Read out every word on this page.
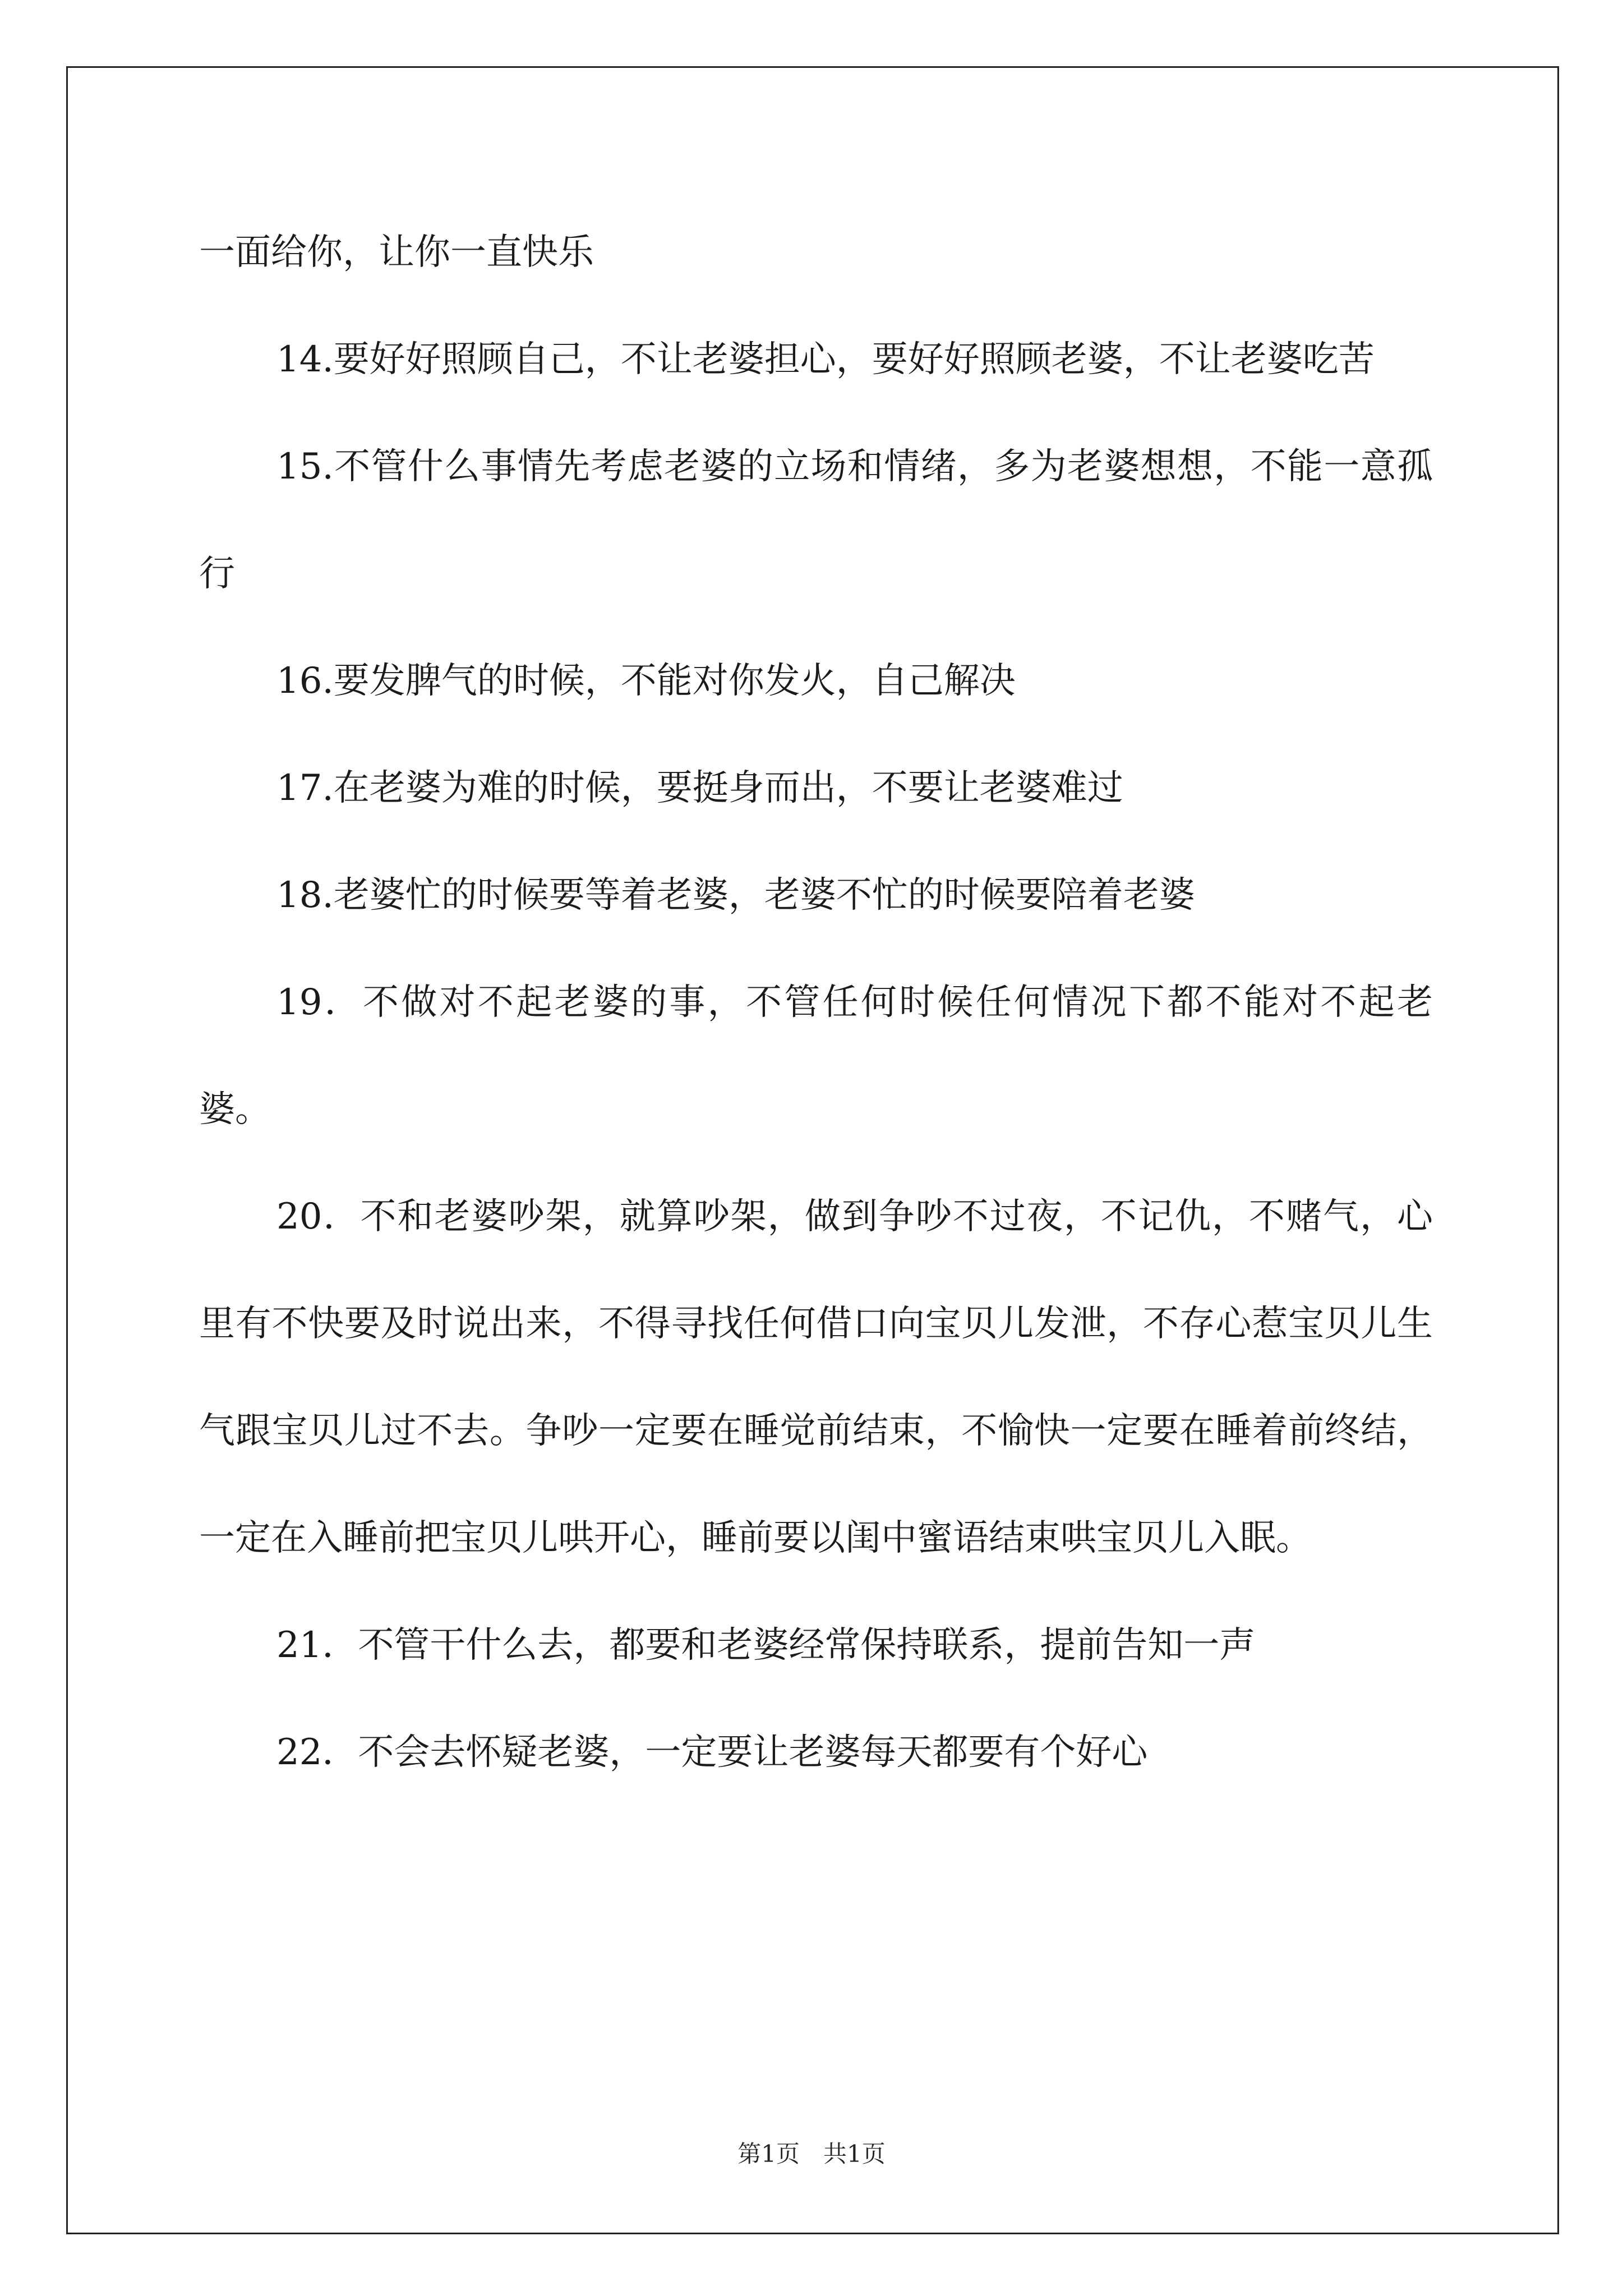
一面给你，让你一直快乐

14.要好好照顾自己，不让老婆担心，要好好照顾老婆，不让老婆吃苦

15.不管什么事情先考虑老婆的立场和情绪，多为老婆想想，不能一意孤行

16.要发脾气的时候，不能对你发火，自己解决

17.在老婆为难的时候，要挺身而出，不要让老婆难过

18.老婆忙的时候要等着老婆，老婆不忙的时候要陪着老婆

19．不做对不起老婆的事，不管任何时候任何情况下都不能对不起老婆。

20．不和老婆吵架，就算吵架，做到争吵不过夜，不记仇，不赌气，心里有不快要及时说出来，不得寻找任何借口向宝贝儿发泄，不存心惹宝贝儿生气跟宝贝儿过不去。争吵一定要在睡觉前结束，不愉快一定要在睡着前终结，一定在入睡前把宝贝儿哄开心，睡前要以闺中蜜语结束哄宝贝儿入眠。

21．不管干什么去，都要和老婆经常保持联系，提前告知一声

22．不会去怀疑老婆，一定要让老婆每天都要有个好心

第1页　共1页
